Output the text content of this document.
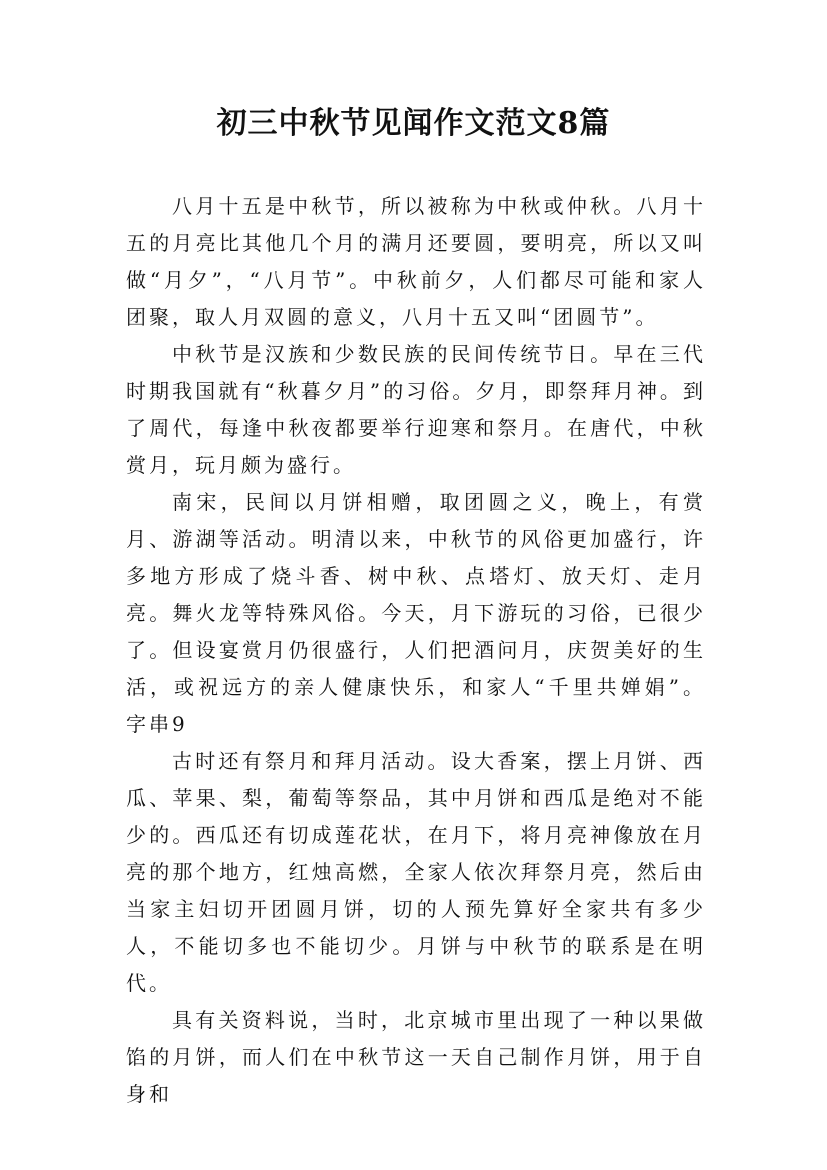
初三中秋节见闻作文范文8篇

八月十五是中秋节，所以被称为中秋或仲秋。八月十五的月亮比其他几个月的满月还要圆，要明亮，所以又叫做“月夕”，“八月节”。中秋前夕，人们都尽可能和家人团聚，取人月双圆的意义，八月十五又叫“团圆节”。

中秋节是汉族和少数民族的民间传统节日。早在三代时期我国就有“秋暮夕月”的习俗。夕月，即祭拜月神。到了周代，每逢中秋夜都要举行迎寒和祭月。在唐代，中秋赏月，玩月颇为盛行。

南宋，民间以月饼相赠，取团圆之义，晚上，有赏月、游湖等活动。明清以来，中秋节的风俗更加盛行，许多地方形成了烧斗香、树中秋、点塔灯、放天灯、走月亮。舞火龙等特殊风俗。今天，月下游玩的习俗，已很少了。但设宴赏月仍很盛行，人们把酒问月，庆贺美好的生活，或祝远方的亲人健康快乐，和家人“千里共婵娟”。 字串9

古时还有祭月和拜月活动。设大香案，摆上月饼、西瓜、苹果、梨，葡萄等祭品，其中月饼和西瓜是绝对不能少的。西瓜还有切成莲花状，在月下，将月亮神像放在月亮的那个地方，红烛高燃，全家人依次拜祭月亮，然后由当家主妇切开团圆月饼，切的人预先算好全家共有多少人，不能切多也不能切少。月饼与中秋节的联系是在明代。

具有关资料说，当时，北京城市里出现了一种以果做馅的月饼，而人们在中秋节这一天自己制作月饼，用于自身和
